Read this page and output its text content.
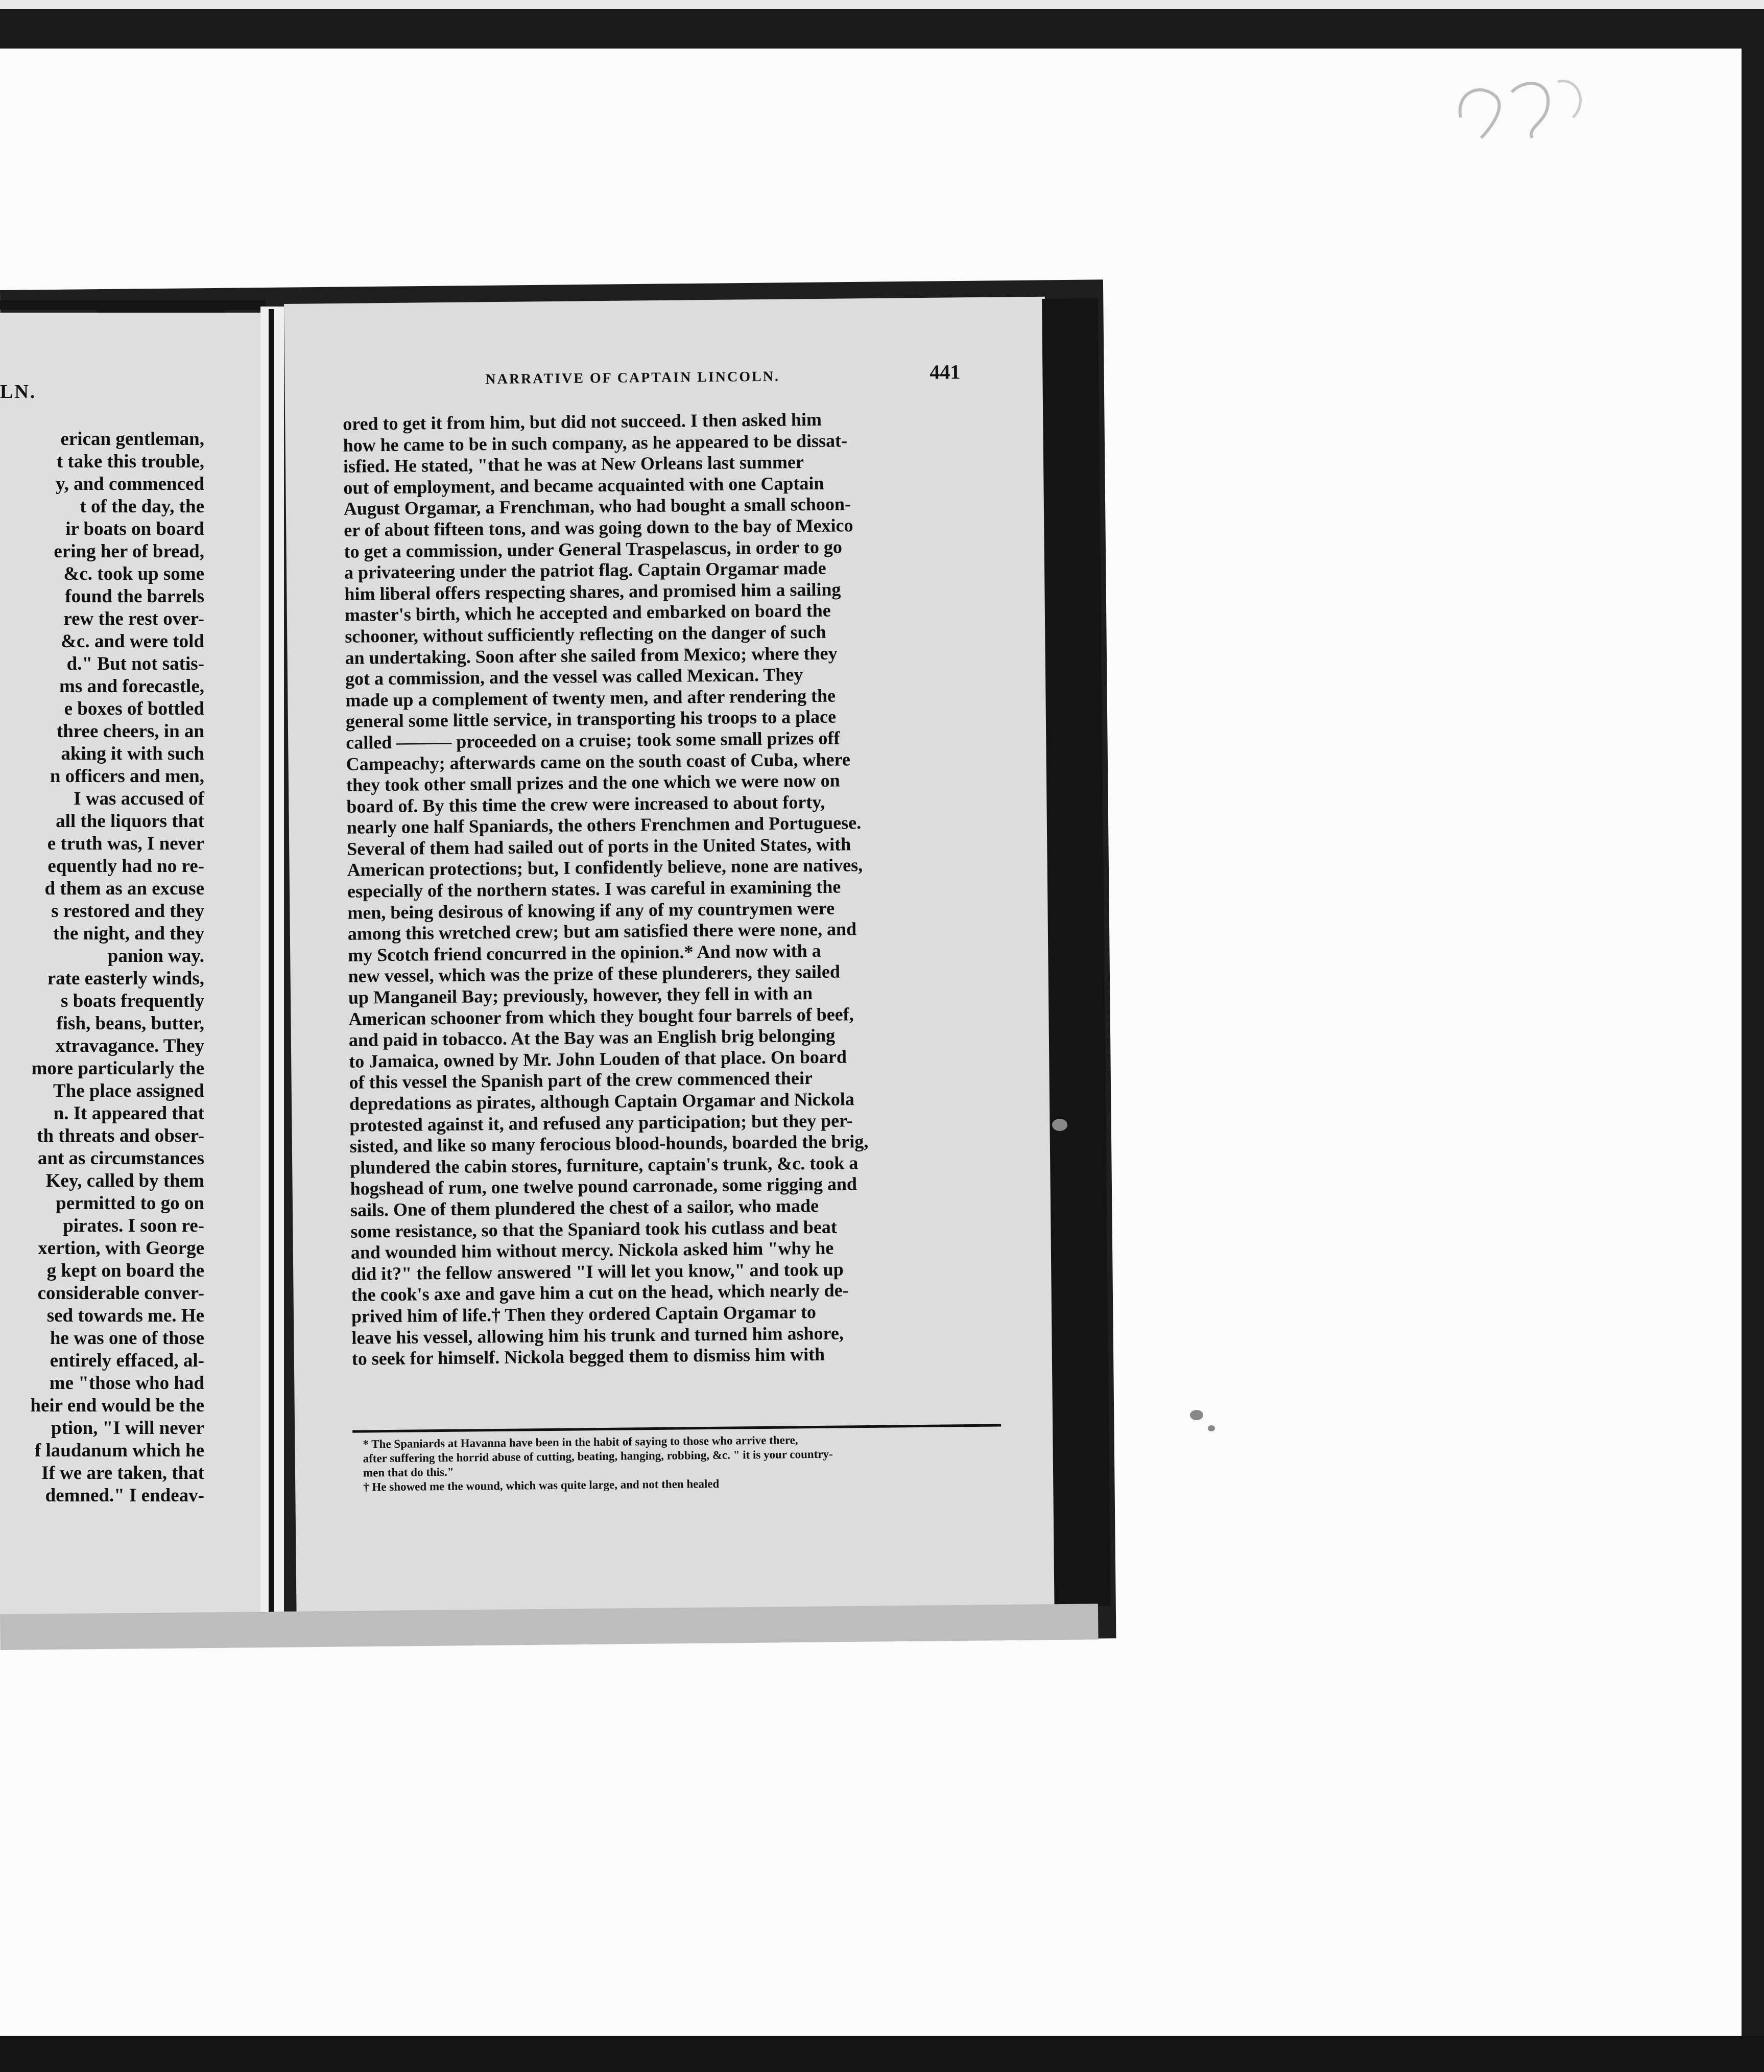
LN.
erican gentleman,
t take this trouble,
y, and commenced
t of the day, the
ir boats on board
ering her of bread,
&c. took up some
found the barrels
rew the rest over-
&c. and were told
d." But not satis-
ms and forecastle,
e boxes of bottled
three cheers, in an
aking it with such
n officers and men,
I was accused of
all the liquors that
e truth was, I never
equently had no re-
d them as an excuse
s restored and they
the night, and they
panion way.
rate easterly winds,
s boats frequently
fish, beans, butter,
xtravagance. They
more particularly the
The place assigned
n. It appeared that
th threats and obser-
ant as circumstances
Key, called by them
permitted to go on
pirates. I soon re-
xertion, with George
g kept on board the
considerable conver-
sed towards me. He
he was one of those
entirely effaced, al-
me "those who had
heir end would be the
ption, "I will never
f laudanum which he
If we are taken, that
demned." I endeav-
NARRATIVE OF CAPTAIN LINCOLN.	441
ored to get it from him, but did not succeed. I then asked him
how he came to be in such company, as he appeared to be dissat-
isfied. He stated, "that he was at New Orleans last summer
out of employment, and became acquainted with one Captain
August Orgamar, a Frenchman, who had bought a small schoon-
er of about fifteen tons, and was going down to the bay of Mexico
to get a commission, under General Traspelascus, in order to go
a privateering under the patriot flag. Captain Orgamar made
him liberal offers respecting shares, and promised him a sailing
master's birth, which he accepted and embarked on board the
schooner, without sufficiently reflecting on the danger of such
an undertaking. Soon after she sailed from Mexico; where they
got a commission, and the vessel was called Mexican. They
made up a complement of twenty men, and after rendering the
general some little service, in transporting his troops to a place
called ——— proceeded on a cruise; took some small prizes off
Campeachy; afterwards came on the south coast of Cuba, where
they took other small prizes and the one which we were now on
board of. By this time the crew were increased to about forty,
nearly one half Spaniards, the others Frenchmen and Portuguese.
Several of them had sailed out of ports in the United States, with
American protections; but, I confidently believe, none are natives,
especially of the northern states. I was careful in examining the
men, being desirous of knowing if any of my countrymen were
among this wretched crew; but am satisfied there were none, and
my Scotch friend concurred in the opinion.* And now with a
new vessel, which was the prize of these plunderers, they sailed
up Manganeil Bay; previously, however, they fell in with an
American schooner from which they bought four barrels of beef,
and paid in tobacco. At the Bay was an English brig belonging
to Jamaica, owned by Mr. John Louden of that place. On board
of this vessel the Spanish part of the crew commenced their
depredations as pirates, although Captain Orgamar and Nickola
protested against it, and refused any participation; but they per-
sisted, and like so many ferocious blood-hounds, boarded the brig,
plundered the cabin stores, furniture, captain's trunk, &c. took a
hogshead of rum, one twelve pound carronade, some rigging and
sails. One of them plundered the chest of a sailor, who made
some resistance, so that the Spaniard took his cutlass and beat
and wounded him without mercy. Nickola asked him "why he
did it?" the fellow answered "I will let you know," and took up
the cook's axe and gave him a cut on the head, which nearly de-
prived him of life.† Then they ordered Captain Orgamar to
leave his vessel, allowing him his trunk and turned him ashore,
to seek for himself. Nickola begged them to dismiss him with
* The Spaniards at Havanna have been in the habit of saying to those who arrive there,
after suffering the horrid abuse of cutting, beating, hanging, robbing, &c. " it is your country-
men that do this."
† He showed me the wound, which was quite large, and not then healed
